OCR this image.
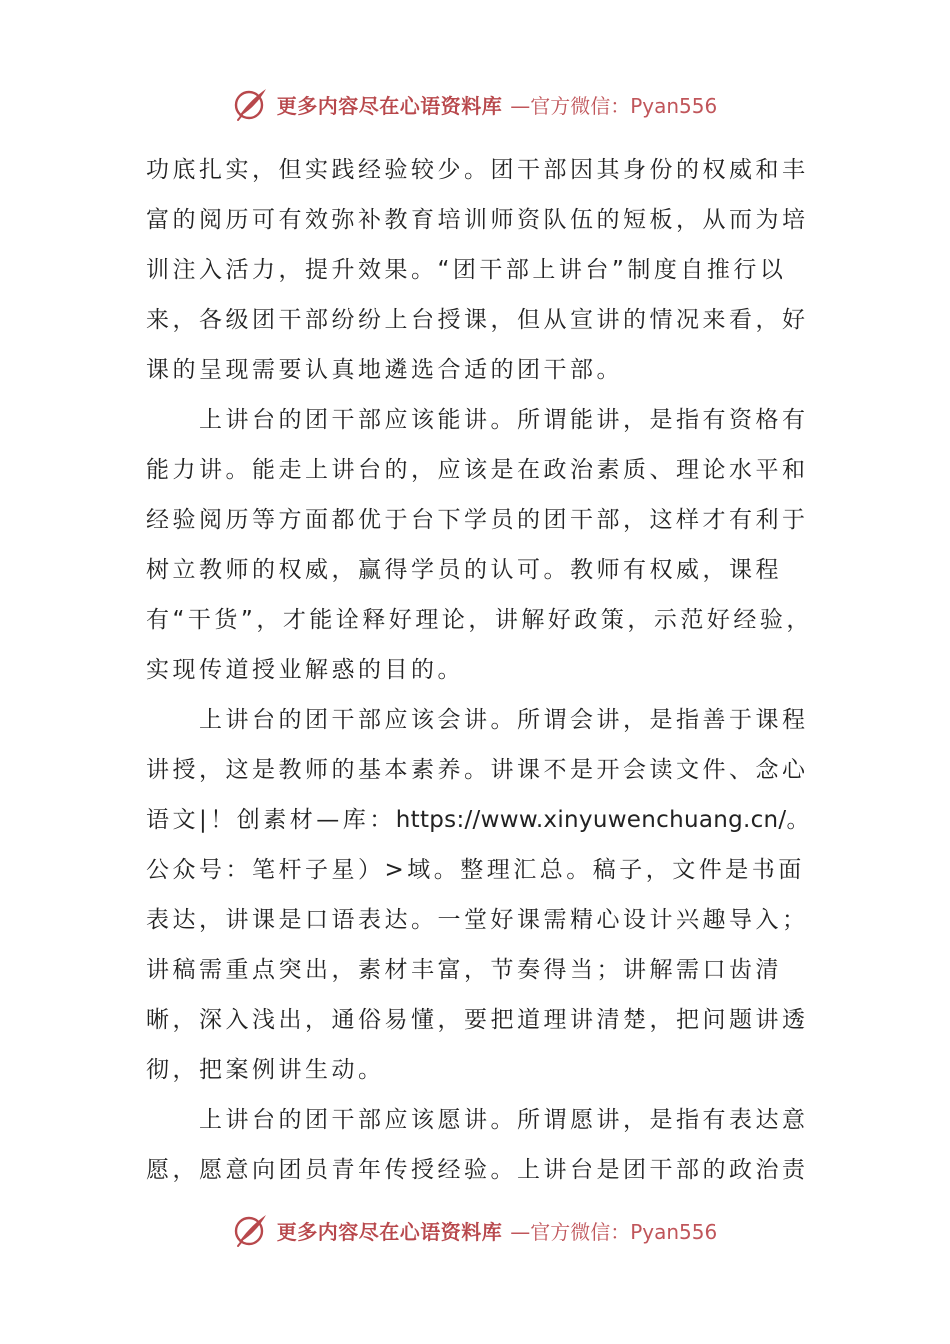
更多内容尽在心语资料库 —官方微信：Pyan556

功底扎实，但实践经验较少。团干部因其身份的权威和丰富的阅历可有效弥补教育培训师资队伍的短板，从而为培训注入活力，提升效果。“团干部上讲台”制度自推行以来，各级团干部纷纷上台授课，但从宣讲的情况来看，好课的呈现需要认真地遴选合适的团干部。

上讲台的团干部应该能讲。所谓能讲，是指有资格有能力讲。能走上讲台的，应该是在政治素质、理论水平和经验阅历等方面都优于台下学员的团干部，这样才有利于树立教师的权威，赢得学员的认可。教师有权威，课程有“干货”，才能诠释好理论，讲解好政策，示范好经验，实现传道授业解惑的目的。

上讲台的团干部应该会讲。所谓会讲，是指善于课程讲授，这是教师的基本素养。讲课不是开会读文件、念心语文|！创素材—库：https://www.xinyuwenchuang.cn/。公众号：笔杆子星）>域。整理汇总。稿子，文件是书面表达，讲课是口语表达。一堂好课需精心设计兴趣导入；讲稿需重点突出，素材丰富，节奏得当；讲解需口齿清晰，深入浅出，通俗易懂，要把道理讲清楚，把问题讲透彻，把案例讲生动。

上讲台的团干部应该愿讲。所谓愿讲，是指有表达意愿，愿意向团员青年传授经验。上讲台是团干部的政治责

更多内容尽在心语资料库 —官方微信：Pyan556
